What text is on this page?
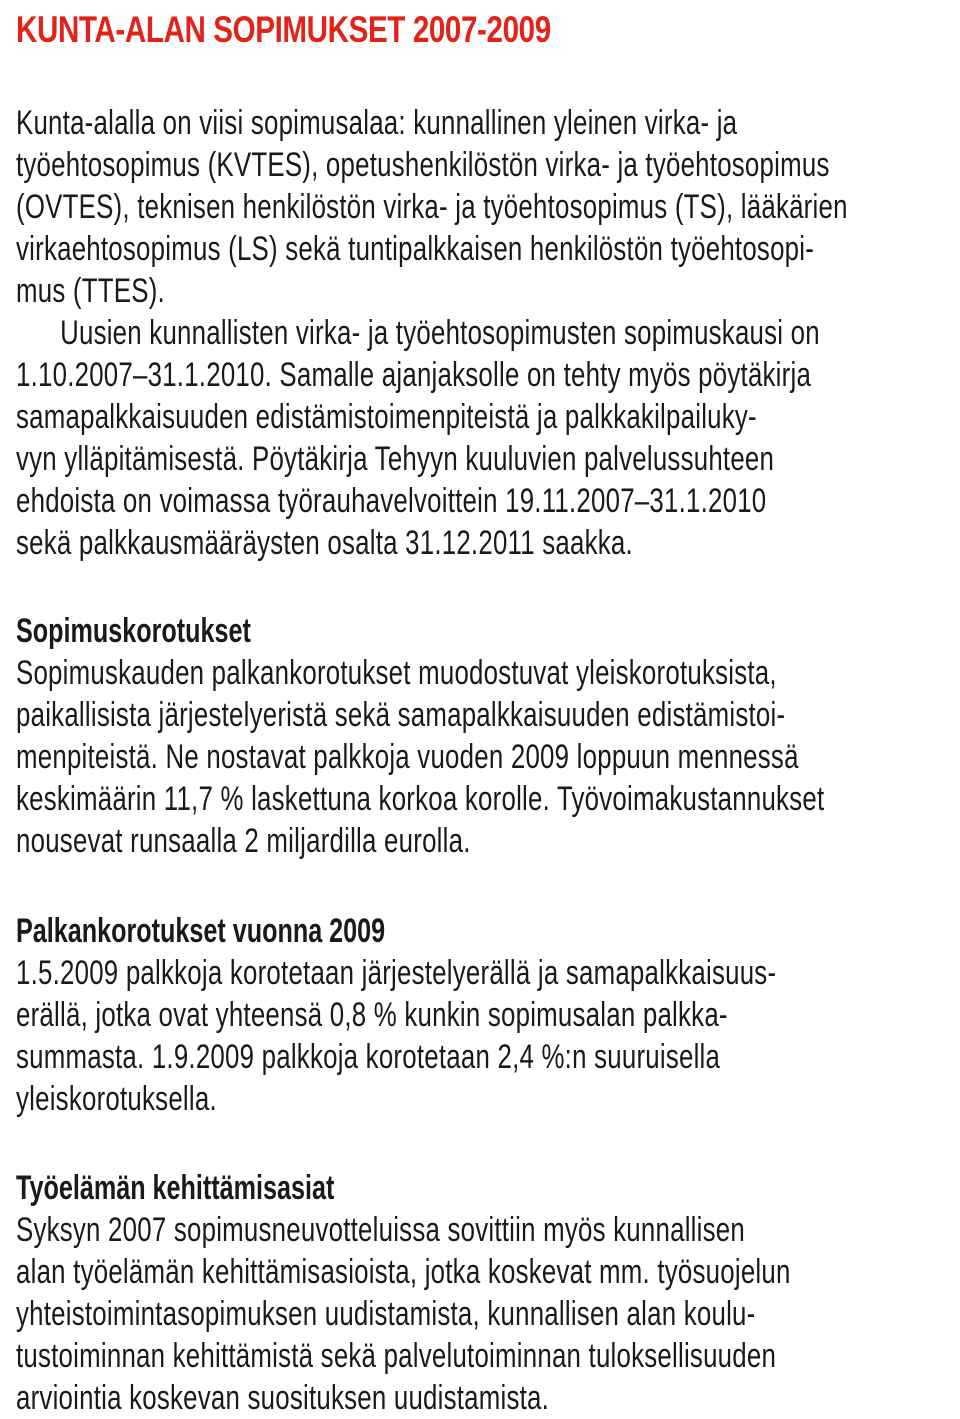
KUNTA-ALAN SOPIMUKSET 2007-2009
Kunta-alalla on viisi sopimusalaa: kunnallinen yleinen virka- ja
työehtosopimus (KVTES), opetushenkilöstön virka- ja työehtosopimus
(OVTES), teknisen henkilöstön virka- ja työehtosopimus (TS), lääkärien
virkaehtosopimus (LS) sekä tuntipalkkaisen henkilöstön työehtosopi-
mus (TTES).
Uusien kunnallisten virka- ja työehtosopimusten sopimuskausi on
1.10.2007–31.1.2010. Samalle ajanjaksolle on tehty myös pöytäkirja
samapalkkaisuuden edistämistoimenpiteistä ja palkkakilpailuky-
vyn ylläpitämisestä. Pöytäkirja Tehyyn kuuluvien palvelussuhteen
ehdoista on voimassa työrauhavelvoittein 19.11.2007–31.1.2010
sekä palkkausmääräysten osalta 31.12.2011 saakka.
Sopimuskorotukset
Sopimuskauden palkankorotukset muodostuvat yleiskorotuksista,
paikallisista järjestelyeristä sekä samapalkkaisuuden edistämistoi-
menpiteistä. Ne nostavat palkkoja vuoden 2009 loppuun mennessä
keskimäärin 11,7 % laskettuna korkoa korolle. Työvoimakustannukset
nousevat runsaalla 2 miljardilla eurolla.
Palkankorotukset vuonna 2009
1.5.2009 palkkoja korotetaan järjestelyerällä ja samapalkkaisuus-
erällä, jotka ovat yhteensä 0,8 % kunkin sopimusalan palkka-
summasta. 1.9.2009 palkkoja korotetaan 2,4 %:n suuruisella
yleiskorotuksella.
Työelämän kehittämisasiat
Syksyn 2007 sopimusneuvotteluissa sovittiin myös kunnallisen
alan työelämän kehittämisasioista, jotka koskevat mm. työsuojelun
yhteistoimintasopimuksen uudistamista, kunnallisen alan koulu-
tustoiminnan kehittämistä sekä palvelutoiminnan tuloksellisuuden
arviointia koskevan suosituksen uudistamista.
